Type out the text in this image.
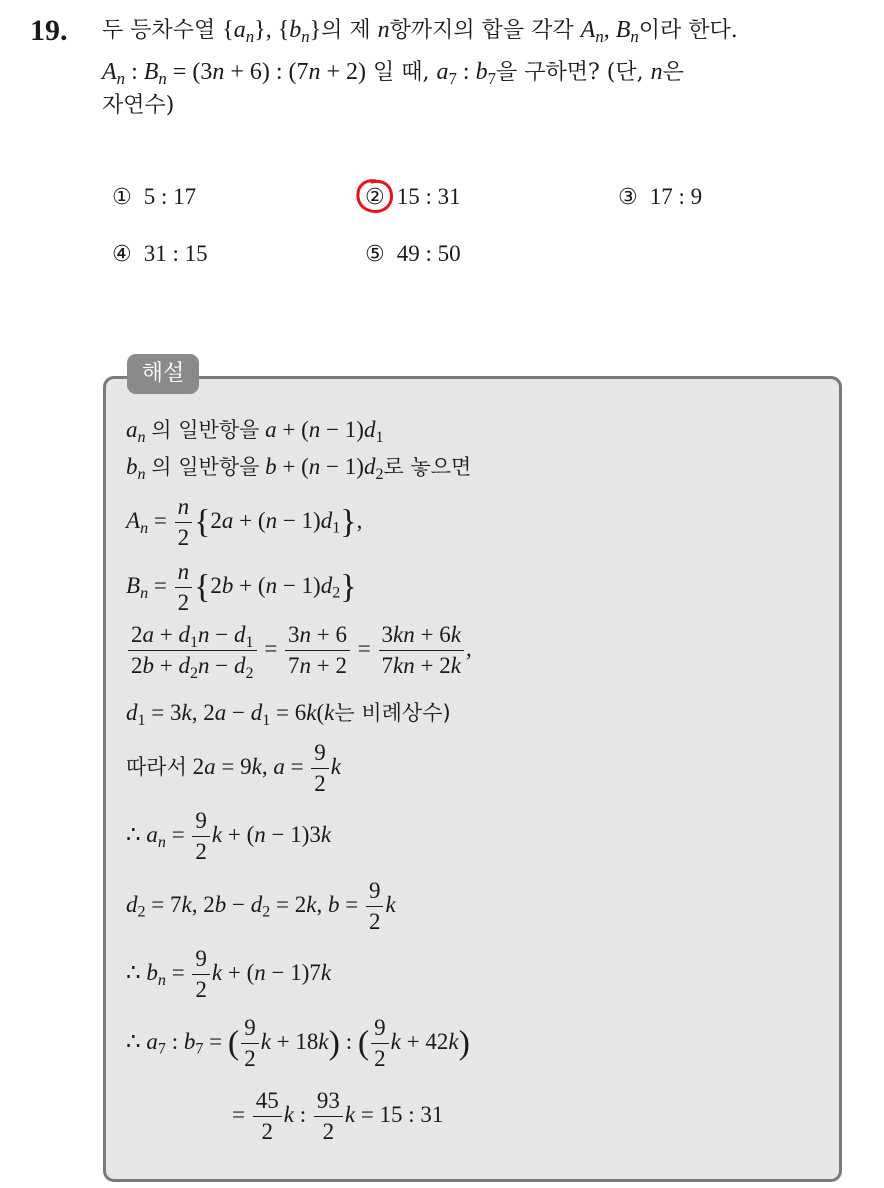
19. 두 등차수열 $\{a_n\}$, $\{b_n\}$의 제 n항까지의 합을 각각 $A_n$, $B_n$이라 한다.
$A_n$ : $B_n = (3n + 6)$ : (7n + 2) 일 때, $a_7$ : $b_7$을 구하면? (단, n은
자연수)
① 5 : 17	② 15 : 31	③ 17 : 9
④ 31 : 15	⑤ 49 : 50
해설
$a_n$ 의 일반항을 $a + (n - 1)d_1$
$b_n$ 의 일반항을 $b + (n - 1)d_2$로 놓으면
$A_n = \frac{n}{2} \{2a + (n - 1)d_1\}$,
$B_n = \frac{n}{2} \{2b + (n - 1)d_2\}$
$\frac{2a + d_1n - d_1}{2b + d_2n - d_2} = \frac{3n + 6}{7n + 2} = \frac{3kn + 6k}{7kn + 2k}$ ,
$d_1 = 3k$, $2a - d_1 = 6k(k$는 비례상수)
따라서 2a = 9k, $a = \frac{9}{2}$ k
∴ $a_n = \frac{9}{2}$ k + (n − 1)3k
$d_2 = 7k$, $2b - d_2 = 2k$, $b = \frac{9}{2}$ k
∴ $b_n = \frac{9}{2}$ k + (n − 1)7k
∴ $a_7$ : $b_7$ = ( $\frac{9}{2}$ k + 18k) : ( $\frac{9}{2}$ k + 42k)
= $\frac{45}{2}$ k : $\frac{93}{2}$ k = 15 : 31
